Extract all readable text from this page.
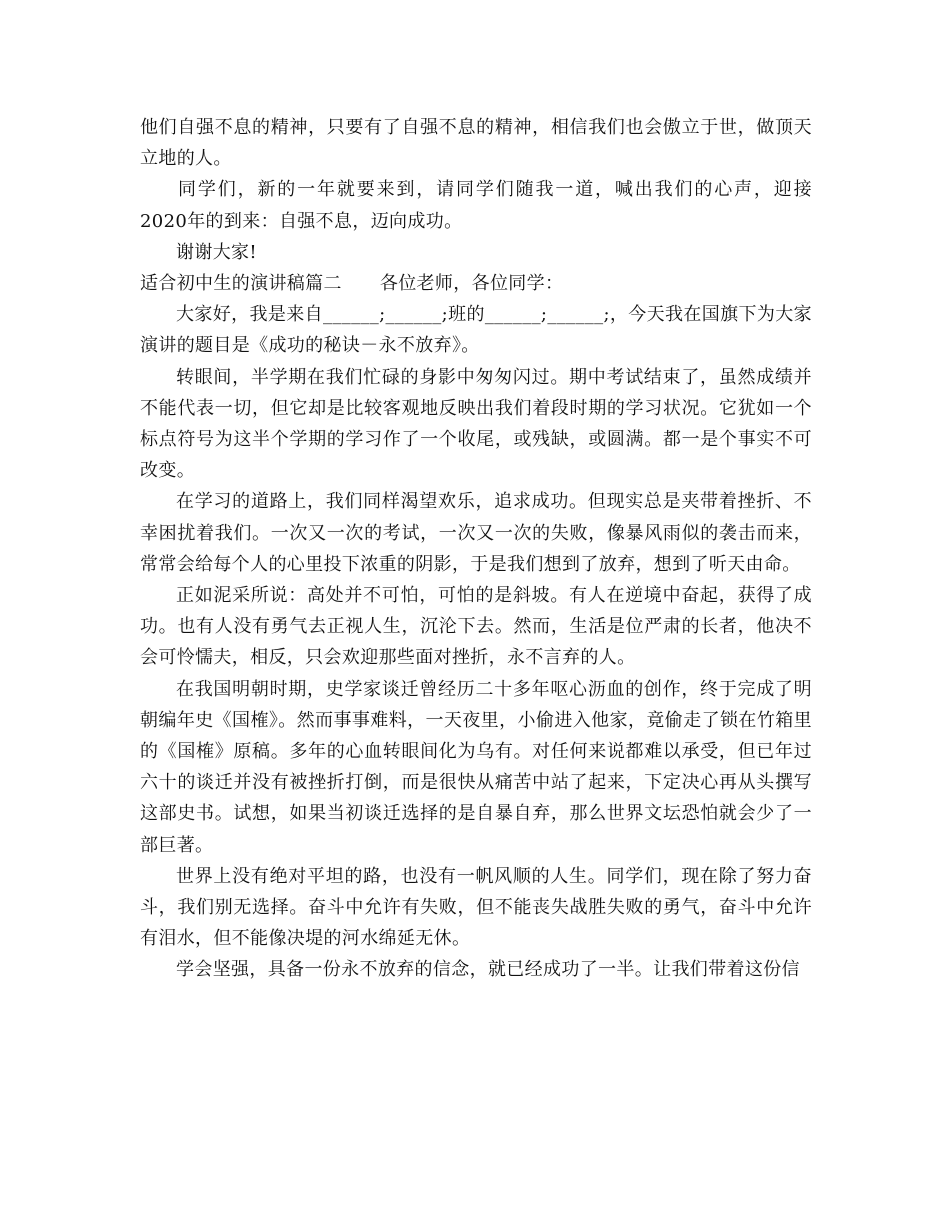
他们自强不息的精神，只要有了自强不息的精神，相信我们也会傲立于世，做顶天立地的人。

同学们，新的一年就要来到，请同学们随我一道，喊出我们的心声，迎接2020年的到来：自强不息，迈向成功。

谢谢大家!

适合初中生的演讲稿篇二 各位老师，各位同学：

大家好，我是来自______;______;班的______;______;，今天我在国旗下为大家演讲的题目是《成功的秘诀－永不放弃》。

转眼间，半学期在我们忙碌的身影中匆匆闪过。期中考试结束了，虽然成绩并不能代表一切，但它却是比较客观地反映出我们着段时期的学习状况。它犹如一个标点符号为这半个学期的学习作了一个收尾，或残缺，或圆满。都一是个事实不可改变。

在学习的道路上，我们同样渴望欢乐，追求成功。但现实总是夹带着挫折、不幸困扰着我们。一次又一次的考试，一次又一次的失败，像暴风雨似的袭击而来，常常会给每个人的心里投下浓重的阴影，于是我们想到了放弃，想到了听天由命。

正如泥采所说：高处并不可怕，可怕的是斜坡。有人在逆境中奋起，获得了成功。也有人没有勇气去正视人生，沉沦下去。然而，生活是位严肃的长者，他决不会可怜懦夫，相反，只会欢迎那些面对挫折，永不言弃的人。

在我国明朝时期，史学家谈迁曾经历二十多年呕心沥血的创作，终于完成了明朝编年史《国榷》。然而事事难料，一天夜里，小偷进入他家，竟偷走了锁在竹箱里的《国榷》原稿。多年的心血转眼间化为乌有。对任何来说都难以承受，但已年过六十的谈迁并没有被挫折打倒，而是很快从痛苦中站了起来，下定决心再从头撰写这部史书。试想，如果当初谈迁选择的是自暴自弃，那么世界文坛恐怕就会少了一部巨著。

世界上没有绝对平坦的路，也没有一帆风顺的人生。同学们，现在除了努力奋斗，我们别无选择。奋斗中允许有失败，但不能丧失战胜失败的勇气，奋斗中允许有泪水，但不能像决堤的河水绵延无休。

学会坚强，具备一份永不放弃的信念，就已经成功了一半。让我们带着这份信
